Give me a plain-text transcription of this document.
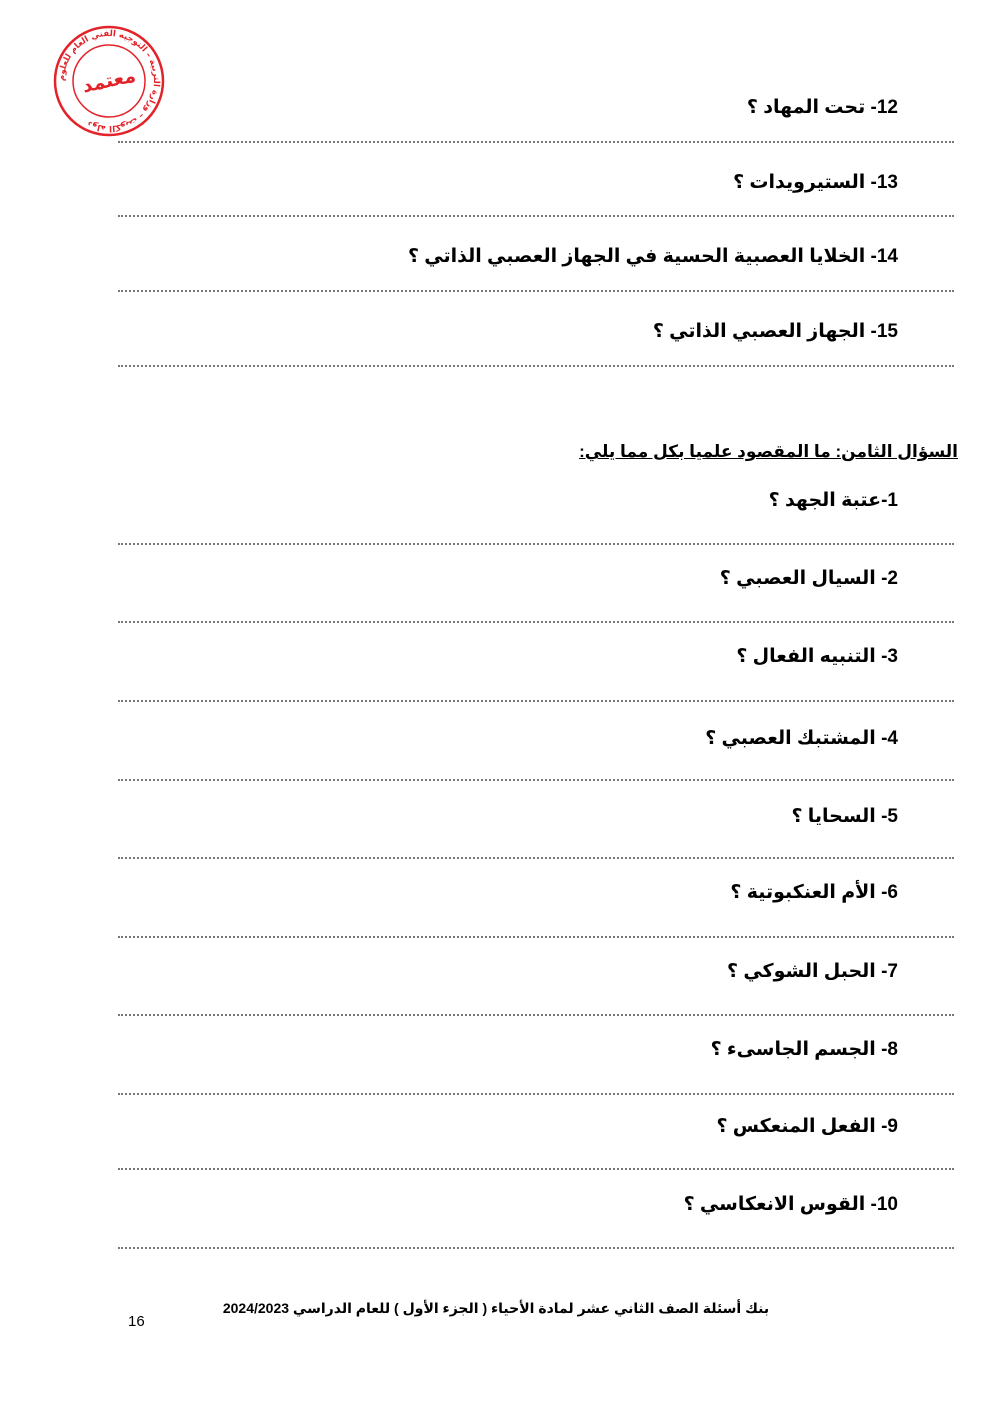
دولة الكويت – وزارة التربية – التوجيه الفني العام للعلوم
معتمد
12- تحت المهاد ؟
13- الستيرويدات ؟
14- الخلايا العصبية الحسية في الجهاز العصبي الذاتي ؟
15- الجهاز العصبي الذاتي ؟
السؤال الثامن: ما المقصود علميا بكل مما يلي:
1-عتبة الجهد ؟
2- السيال العصبي ؟
3- التنبيه الفعال ؟
4- المشتبك العصبي ؟
5- السحايا ؟
6- الأم العنكبوتية ؟
7- الحبل الشوكي ؟
8- الجسم الجاسىء ؟
9- الفعل المنعكس ؟
10- القوس الانعكاسي ؟
بنك أسئلة الصف الثاني عشر لمادة الأحياء ( الجزء الأول ) للعام الدراسي 2024/2023
16
